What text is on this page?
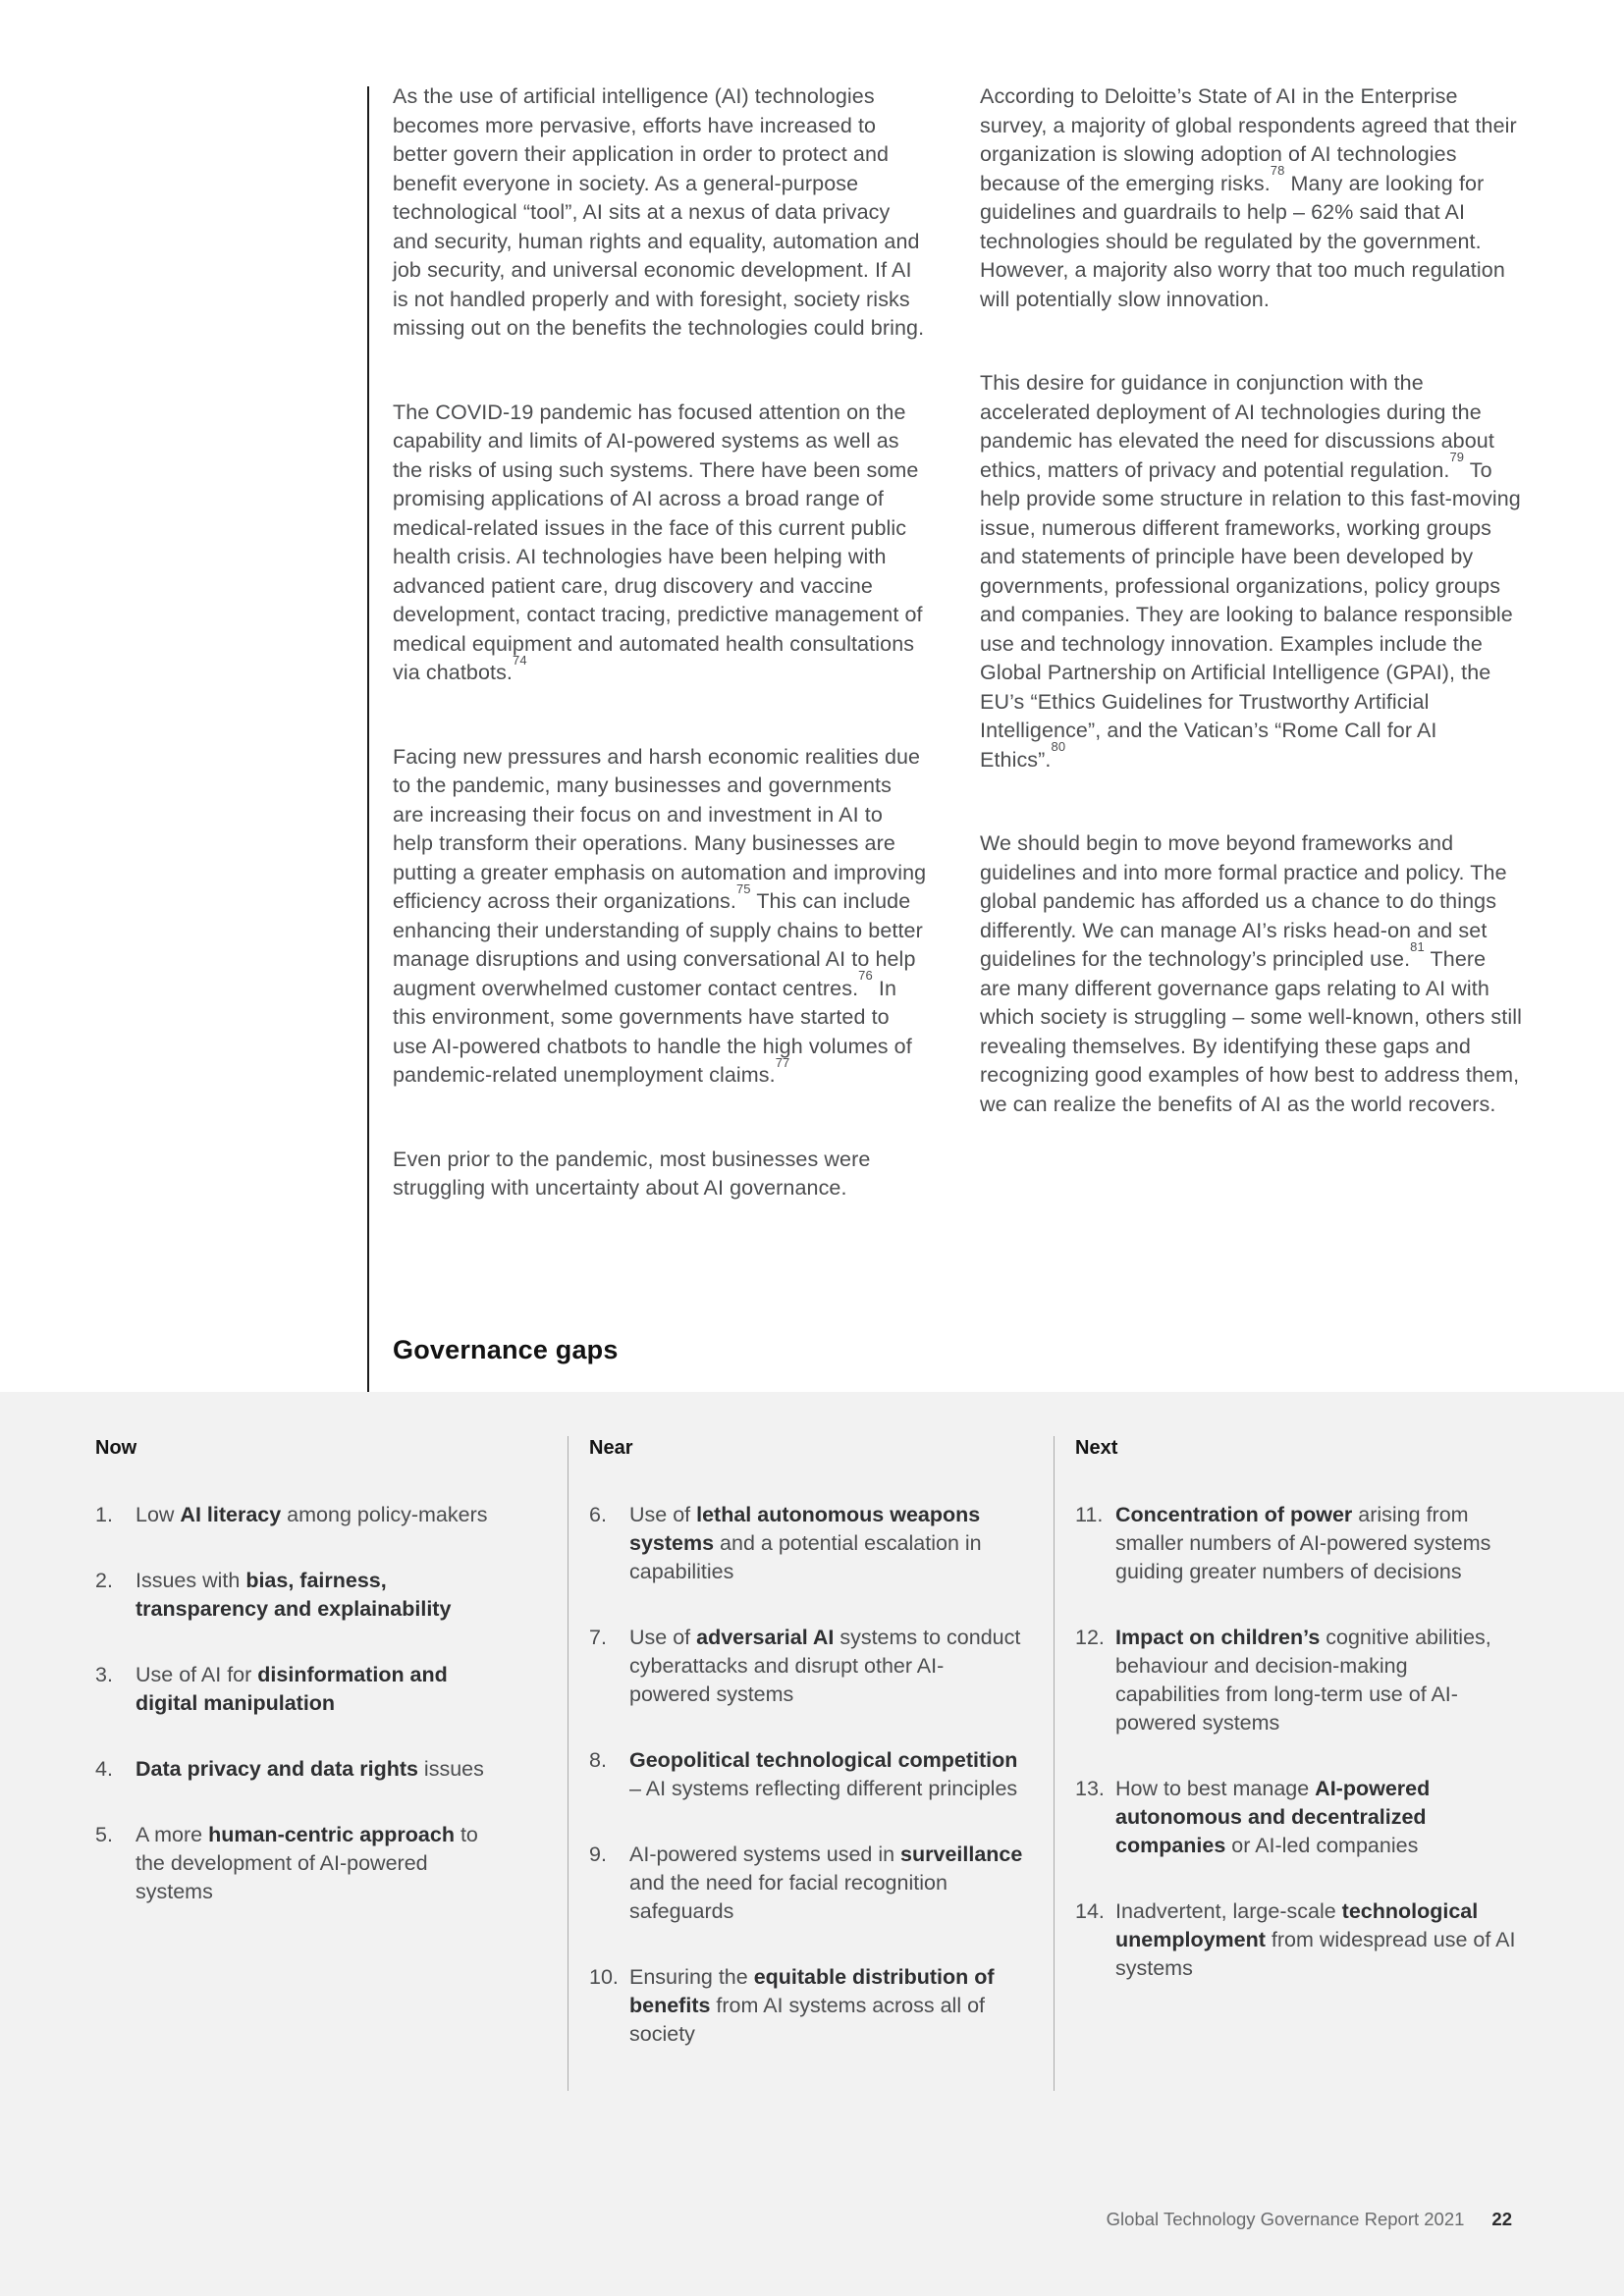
As the use of artificial intelligence (AI) technologies becomes more pervasive, efforts have increased to better govern their application in order to protect and benefit everyone in society. As a general-purpose technological “tool”, AI sits at a nexus of data privacy and security, human rights and equality, automation and job security, and universal economic development. If AI is not handled properly and with foresight, society risks missing out on the benefits the technologies could bring.

The COVID-19 pandemic has focused attention on the capability and limits of AI-powered systems as well as the risks of using such systems. There have been some promising applications of AI across a broad range of medical-related issues in the face of this current public health crisis. AI technologies have been helping with advanced patient care, drug discovery and vaccine development, contact tracing, predictive management of medical equipment and automated health consultations via chatbots.$^{74}$

Facing new pressures and harsh economic realities due to the pandemic, many businesses and governments are increasing their focus on and investment in AI to help transform their operations. Many businesses are putting a greater emphasis on automation and improving efficiency across their organizations.$^{75}$ This can include enhancing their understanding of supply chains to better manage disruptions and using conversational AI to help augment overwhelmed customer contact centres.$^{76}$ In this environment, some governments have started to use AI-powered chatbots to handle the high volumes of pandemic-related unemployment claims.$^{77}$

Even prior to the pandemic, most businesses were struggling with uncertainty about AI governance.

According to Deloitte’s State of AI in the Enterprise survey, a majority of global respondents agreed that their organization is slowing adoption of AI technologies because of the emerging risks.$^{78}$ Many are looking for guidelines and guardrails to help – 62% said that AI technologies should be regulated by the government. However, a majority also worry that too much regulation will potentially slow innovation.

This desire for guidance in conjunction with the accelerated deployment of AI technologies during the pandemic has elevated the need for discussions about ethics, matters of privacy and potential regulation.$^{79}$ To help provide some structure in relation to this fast-moving issue, numerous different frameworks, working groups and statements of principle have been developed by governments, professional organizations, policy groups and companies. They are looking to balance responsible use and technology innovation. Examples include the Global Partnership on Artificial Intelligence (GPAI), the EU’s “Ethics Guidelines for Trustworthy Artificial Intelligence”, and the Vatican’s “Rome Call for AI Ethics”.$^{80}$

We should begin to move beyond frameworks and guidelines and into more formal practice and policy. The global pandemic has afforded us a chance to do things differently. We can manage AI’s risks head-on and set guidelines for the technology’s principled use.$^{81}$ There are many different governance gaps relating to AI with which society is struggling – some well-known, others still revealing themselves. By identifying these gaps and recognizing good examples of how best to address them, we can realize the benefits of AI as the world recovers.

Governance gaps
Now
1.	Low AI literacy among policy-makers
2.	Issues with bias, fairness, transparency and explainability
3.	Use of AI for disinformation and digital manipulation
4.	Data privacy and data rights issues
5.	A more human-centric approach to the development of AI-powered systems
Near
6.	Use of lethal autonomous weapons systems and a potential escalation in capabilities
7.	Use of adversarial AI systems to conduct cyberattacks and disrupt other AI-powered systems
8.	Geopolitical technological competition – AI systems reflecting different principles
9.	AI-powered systems used in surveillance and the need for facial recognition safeguards
10. Ensuring the equitable distribution of benefits from AI systems across all of society
Next
11. Concentration of power arising from smaller numbers of AI-powered systems guiding greater numbers of decisions
12. Impact on children’s cognitive abilities, behaviour and decision-making capabilities from long-term use of AI-powered systems
13. How to best manage AI-powered autonomous and decentralized companies or AI-led companies
14. Inadvertent, large-scale technological unemployment from widespread use of AI systems
Global Technology Governance Report 2021 22
